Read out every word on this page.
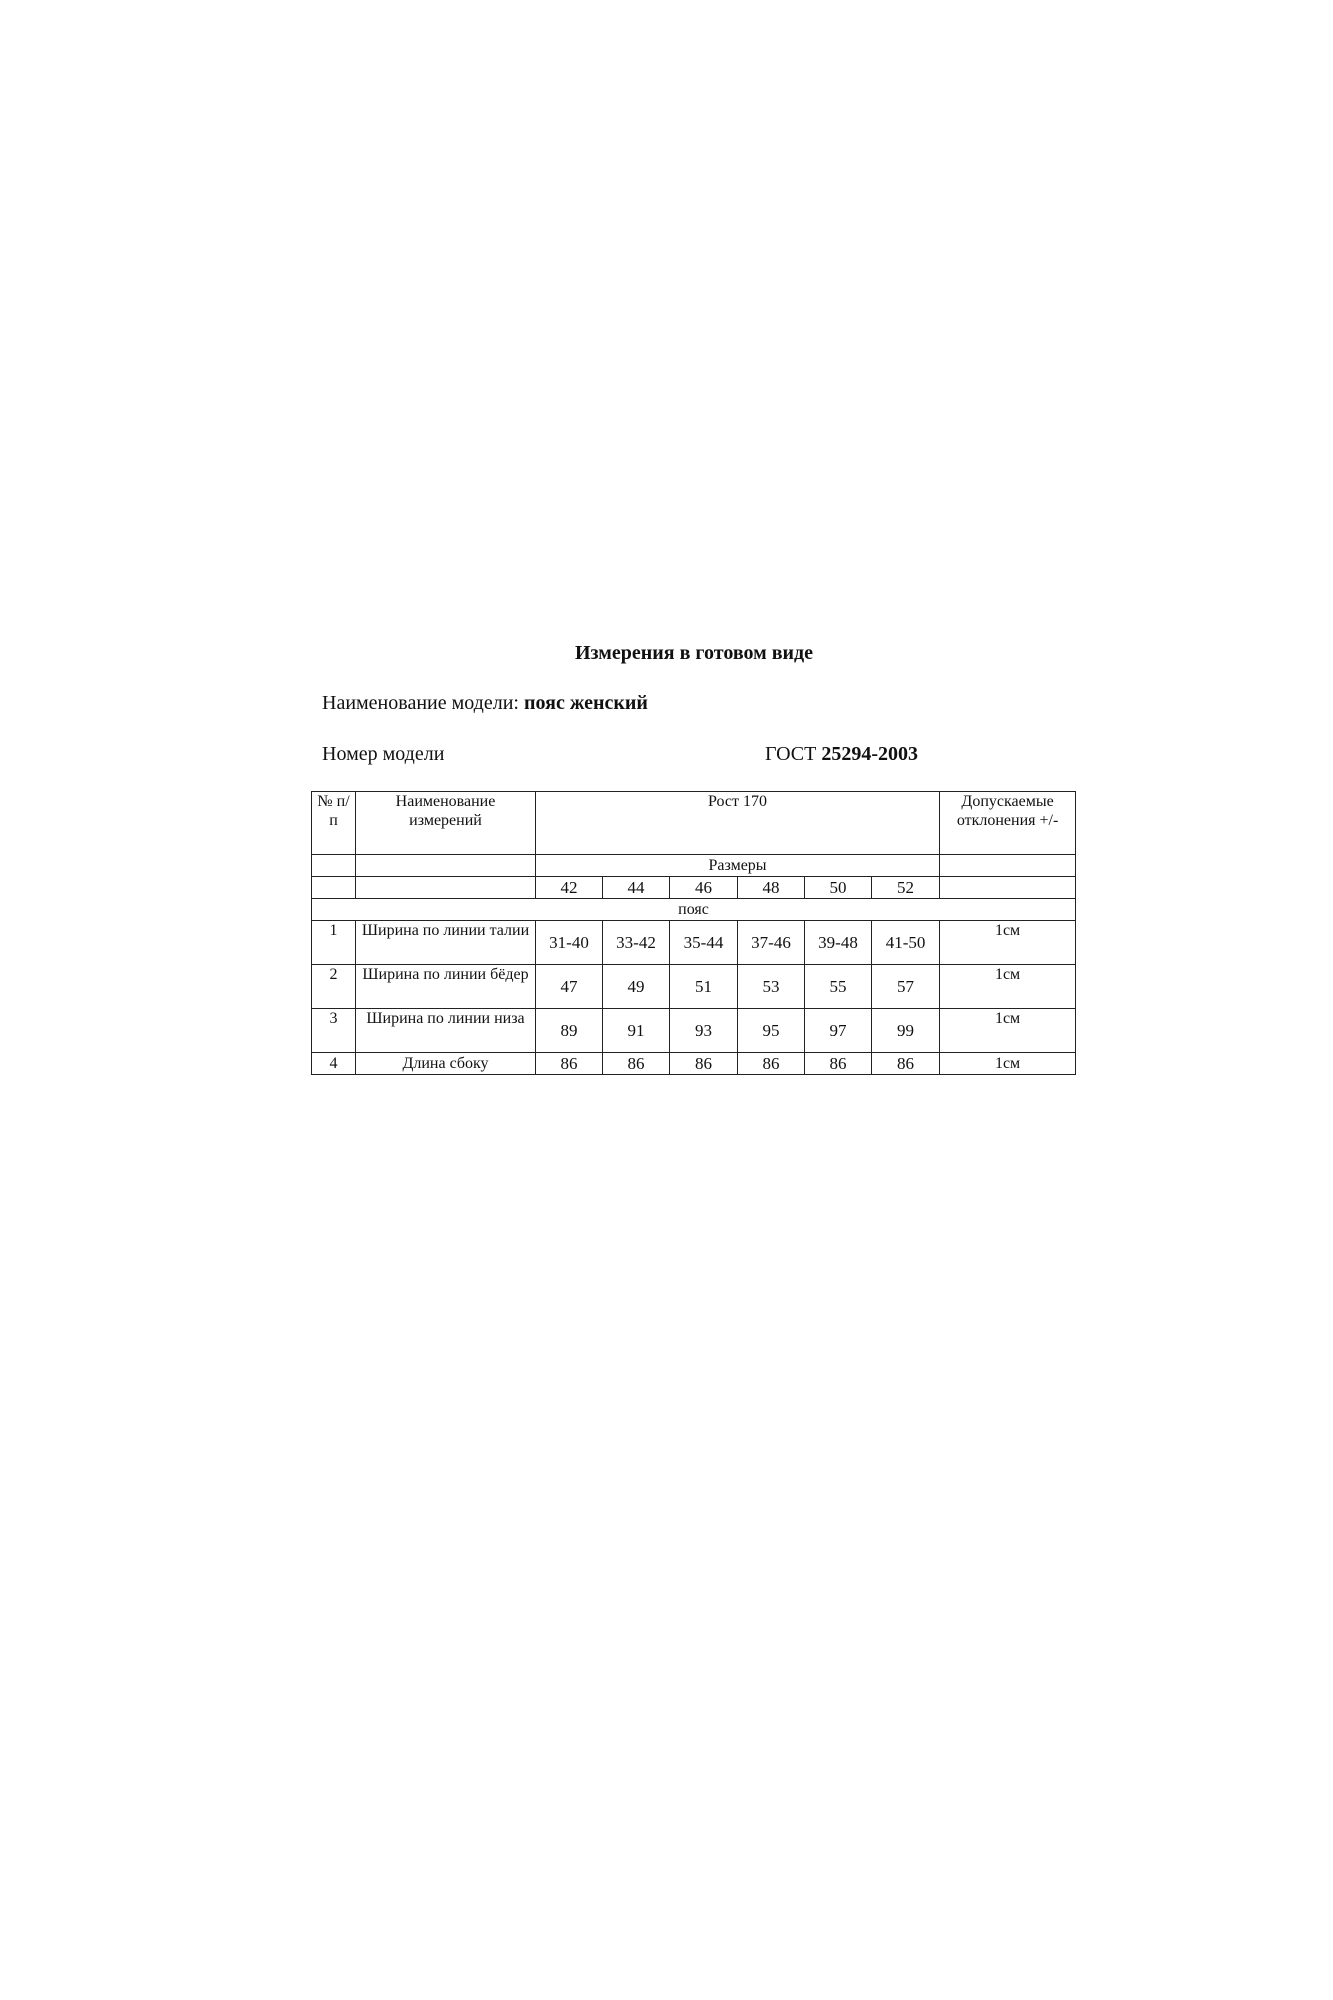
Измерения в готовом виде
Наименование модели: пояс женский
Номер модели	ГОСТ 25294-2003
№ п/п	Наименование измерений	Рост 170						Допускаемые отклонения +/-
		Размеры						
		42	44	46	48	50	52	
пояс								
1	Ширина по линии талии	31-40	33-42	35-44	37-46	39-48	41-50	1см
2	Ширина по линии бёдер	47	49	51	53	55	57	1см
3	Ширина по линии низа	89	91	93	95	97	99	1см
4	Длина сбоку	86	86	86	86	86	86	1см
